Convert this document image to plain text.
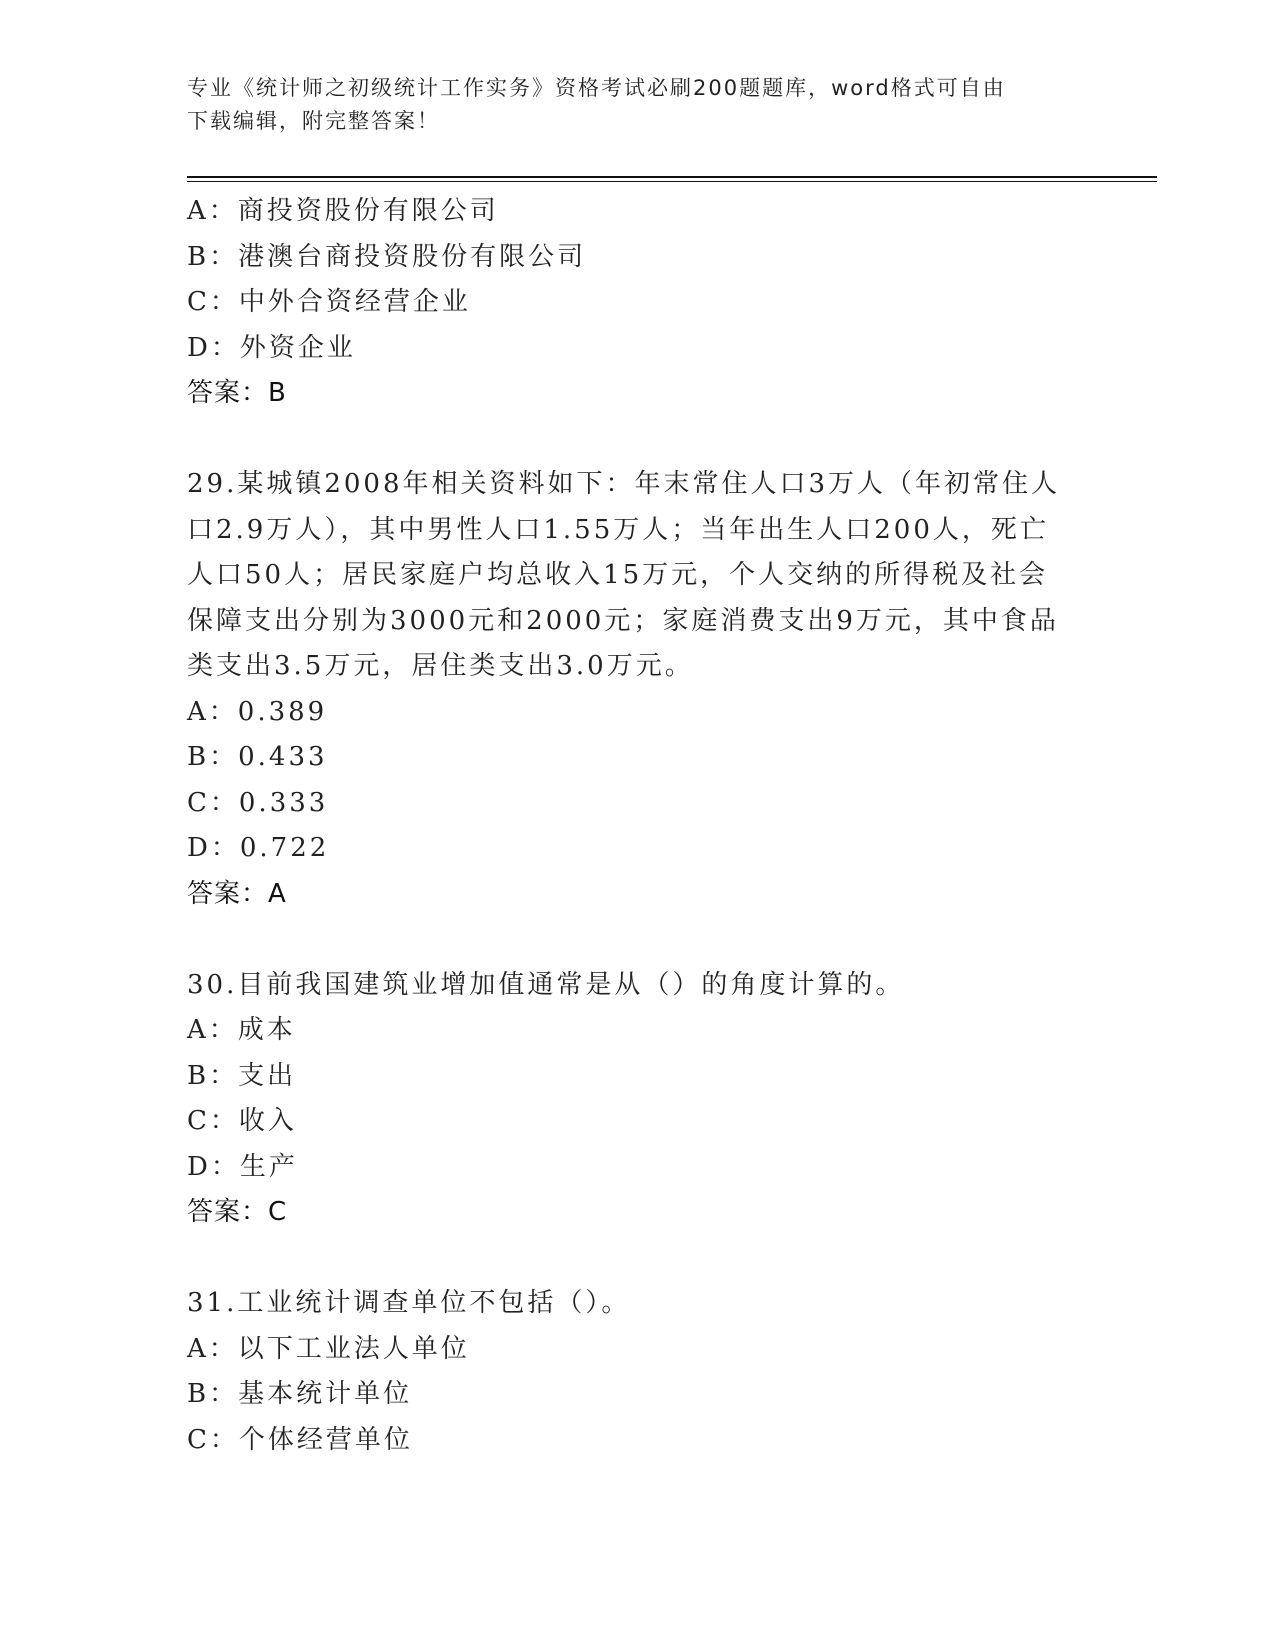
专业《统计师之初级统计工作实务》资格考试必刷200题题库，word格式可自由
下载编辑，附完整答案！
A：商投资股份有限公司
B：港澳台商投资股份有限公司
C：中外合资经营企业
D：外资企业
答案：B
29.某城镇2008年相关资料如下：年末常住人口3万人（年初常住人
口2.9万人），其中男性人口1.55万人；当年出生人口200人，死亡
人口50人；居民家庭户均总收入15万元，个人交纳的所得税及社会
保障支出分别为3000元和2000元；家庭消费支出9万元，其中食品
类支出3.5万元，居住类支出3.0万元。
A：0.389
B：0.433
C：0.333
D：0.722
答案：A
30.目前我国建筑业增加值通常是从（）的角度计算的。
A：成本
B：支出
C：收入
D：生产
答案：C
31.工业统计调查单位不包括（）。
A：以下工业法人单位
B：基本统计单位
C：个体经营单位
